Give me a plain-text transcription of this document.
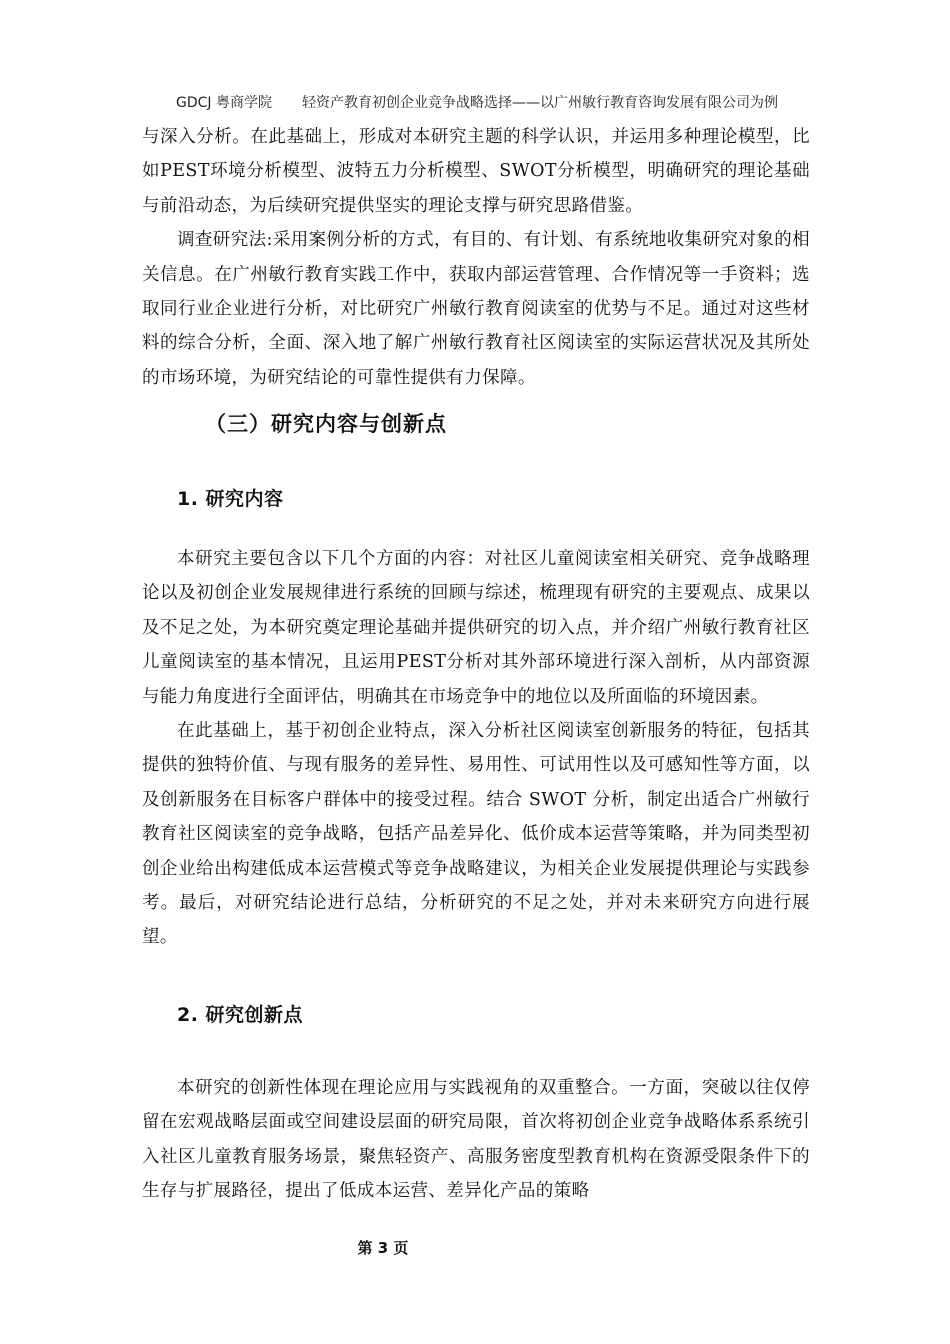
GDCJ 粤商学院 轻资产教育初创企业竞争战略选择——以广州敏行教育咨询发展有限公司为例

与深入分析。在此基础上，形成对本研究主题的科学认识，并运用多种理论模型，比如PEST环境分析模型、波特五力分析模型、SWOT分析模型，明确研究的理论基础与前沿动态，为后续研究提供坚实的理论支撑与研究思路借鉴。

调查研究法:采用案例分析的方式，有目的、有计划、有系统地收集研究对象的相关信息。在广州敏行教育实践工作中，获取内部运营管理、合作情况等一手资料；选取同行业企业进行分析，对比研究广州敏行教育阅读室的优势与不足。通过对这些材料的综合分析，全面、深入地了解广州敏行教育社区阅读室的实际运营状况及其所处的市场环境，为研究结论的可靠性提供有力保障。

（三）研究内容与创新点
1. 研究内容

本研究主要包含以下几个方面的内容：对社区儿童阅读室相关研究、竞争战略理论以及初创企业发展规律进行系统的回顾与综述，梳理现有研究的主要观点、成果以及不足之处，为本研究奠定理论基础并提供研究的切入点，并介绍广州敏行教育社区儿童阅读室的基本情况，且运用PEST分析对其外部环境进行深入剖析，从内部资源与能力角度进行全面评估，明确其在市场竞争中的地位以及所面临的环境因素。

在此基础上，基于初创企业特点，深入分析社区阅读室创新服务的特征，包括其提供的独特价值、与现有服务的差异性、易用性、可试用性以及可感知性等方面，以及创新服务在目标客户群体中的接受过程。结合 SWOT 分析，制定出适合广州敏行教育社区阅读室的竞争战略，包括产品差异化、低价成本运营等策略，并为同类型初创企业给出构建低成本运营模式等竞争战略建议，为相关企业发展提供理论与实践参考。最后，对研究结论进行总结，分析研究的不足之处，并对未来研究方向进行展望。

2. 研究创新点

本研究的创新性体现在理论应用与实践视角的双重整合。一方面，突破以往仅停留在宏观战略层面或空间建设层面的研究局限，首次将初创企业竞争战略体系系统引入社区儿童教育服务场景，聚焦轻资产、高服务密度型教育机构在资源受限条件下的生存与扩展路径，提出了低成本运营、差异化产品的策略

第 3 页
